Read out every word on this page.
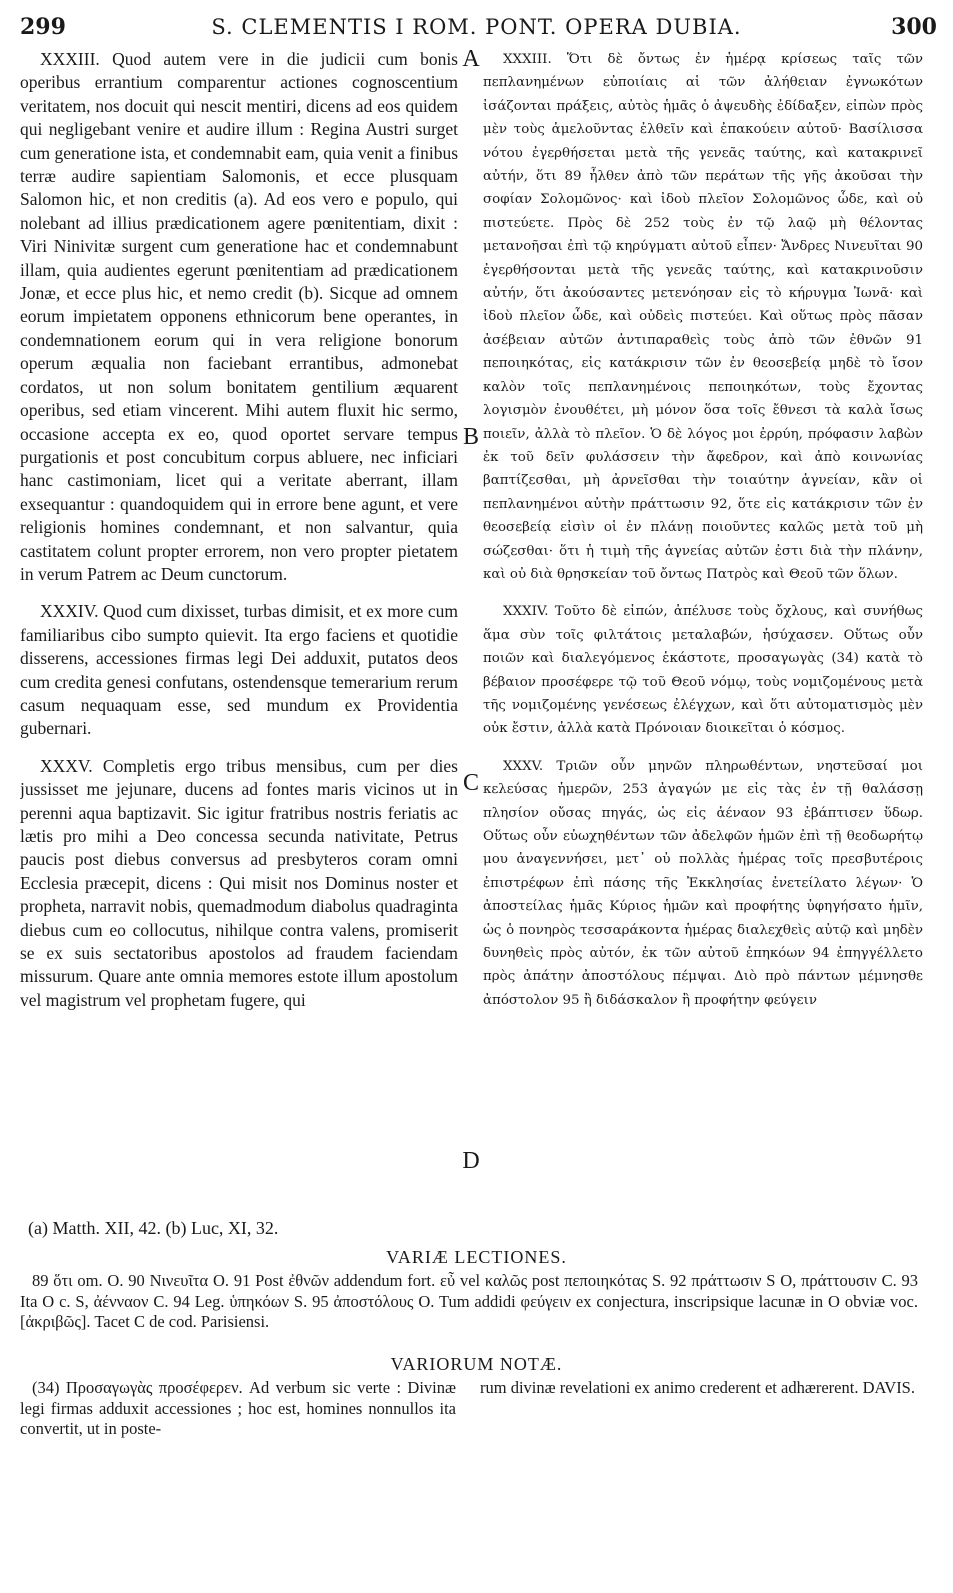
299	S. CLEMENTIS I ROM. PONT. OPERA DUBIA.	300

XXXIII. Quod autem vere in die judicii cum bonis operibus errantium comparentur actiones cognoscentium veritatem, nos docuit qui nescit mentiri, dicens ad eos quidem qui negligebant venire et audire illum : Regina Austri surget cum generatione ista, et condemnabit eam, quia venit a finibus terræ audire sapientiam Salomonis, et ecce plusquam Salomon hic, et non creditis (a). Ad eos vero e populo, qui nolebant ad illius prædicationem agere pœnitentiam, dixit : Viri Ninivitæ surgent cum generatione hac et condemnabunt illam, quia audientes egerunt pœnitentiam ad prædicationem Jonæ, et ecce plus hic, et nemo credit (b). Sicque ad omnem eorum impietatem opponens ethnicorum bene operantes, in condemnationem eorum qui in vera religione bonorum operum æqualia non faciebant errantibus, admonebat cordatos, ut non solum bonitatem gentilium æquarent operibus, sed etiam vincerent. Mihi autem fluxit hic sermo, occasione accepta ex eo, quod oportet servare tempus purgationis et post concubitum corpus abluere, nec inficiari hanc castimoniam, licet qui a veritate aberrant, illam exsequantur : quandoquidem qui in errore bene agunt, et vere religionis homines condemnant, et non salvantur, quia castitatem colunt propter errorem, non vero propter pietatem in verum Patrem ac Deum cunctorum.

XXXIV. Quod cum dixisset, turbas dimisit, et ex more cum familiaribus cibo sumpto quievit. Ita ergo faciens et quotidie disserens, accessiones firmas legi Dei adduxit, putatos deos cum credita genesi confutans, ostendensque temerarium rerum casum nequaquam esse, sed mundum ex Providentia gubernari.

XXXV. Completis ergo tribus mensibus, cum per dies jussisset me jejunare, ducens ad fontes maris vicinos ut in perenni aqua baptizavit. Sic igitur fratribus nostris feriatis ac lætis pro mihi a Deo concessa secunda nativitate, Petrus paucis post diebus conversus ad presbyteros coram omni Ecclesia præcepit, dicens : Qui misit nos Dominus noster et propheta, narravit nobis, quemadmodum diabolus quadraginta diebus cum eo collocutus, nihilque contra valens, promiserit se ex suis sectatoribus apostolos ad fraudem faciendam missurum. Quare ante omnia memores estote illum apostolum vel magistrum vel prophetam fugere, qui

A
B
C
D

XXXIII. Ὅτι δὲ ὄντως ἐν ἡμέρᾳ κρίσεως ταῖς τῶν πεπλανημένων εὐποιίαις αἱ τῶν ἀλήθειαν ἐγνωκότων ἰσάζονται πράξεις, αὐτὸς ἡμᾶς ὁ ἀψευδὴς ἐδίδαξεν, εἰπὼν πρὸς μὲν τοὺς ἀμελοῦντας ἐλθεῖν καὶ ἐπακούειν αὐτοῦ· Βασίλισσα νότου ἐγερθήσεται μετὰ τῆς γενεᾶς ταύτης, καὶ κατακρινεῖ αὐτήν, ὅτι 89 ἦλθεν ἀπὸ τῶν περάτων τῆς γῆς ἀκοῦσαι τὴν σοφίαν Σολομῶνος· καὶ ἰδοὺ πλεῖον Σολομῶνος ὧδε, καὶ οὐ πιστεύετε. Πρὸς δὲ 252 τοὺς ἐν τῷ λαῷ μὴ θέλοντας μετανοῆσαι ἐπὶ τῷ κηρύγματι αὐτοῦ εἶπεν· Ἄνδρες Νινευῖται 90 ἐγερθήσονται μετὰ τῆς γενεᾶς ταύτης, καὶ κατακρινοῦσιν αὐτήν, ὅτι ἀκούσαντες μετενόησαν εἰς τὸ κήρυγμα Ἰωνᾶ· καὶ ἰδοὺ πλεῖον ὧδε, καὶ οὐδεὶς πιστεύει. Καὶ οὕτως πρὸς πᾶσαν ἀσέβειαν αὐτῶν ἀντιπαραθεὶς τοὺς ἀπὸ τῶν ἐθνῶν 91 πεποιηκότας, εἰς κατάκρισιν τῶν ἐν θεοσεβείᾳ μηδὲ τὸ ἴσον καλὸν τοῖς πεπλανημένοις πεποιηκότων, τοὺς ἔχοντας λογισμὸν ἐνουθέτει, μὴ μόνον ὅσα τοῖς ἔθνεσι τὰ καλὰ ἴσως ποιεῖν, ἀλλὰ τὸ πλεῖον. Ὁ δὲ λόγος μοι ἐρρύη, πρόφασιν λαβὼν ἐκ τοῦ δεῖν φυλάσσειν τὴν ἄφεδρον, καὶ ἀπὸ κοινωνίας βαπτίζεσθαι, μὴ ἀρνεῖσθαι τὴν τοιαύτην ἁγνείαν, κἂν οἱ πεπλανημένοι αὐτὴν πράττωσιν 92, ὅτε εἰς κατάκρισιν τῶν ἐν θεοσεβείᾳ εἰσὶν οἱ ἐν πλάνῃ ποιοῦντες καλῶς μετὰ τοῦ μὴ σώζεσθαι· ὅτι ἡ τιμὴ τῆς ἁγνείας αὐτῶν ἐστι διὰ τὴν πλάνην, καὶ οὐ διὰ θρησκείαν τοῦ ὄντως Πατρὸς καὶ Θεοῦ τῶν ὅλων.

XXXIV. Τοῦτο δὲ εἰπών, ἀπέλυσε τοὺς ὄχλους, καὶ συνήθως ἅμα σὺν τοῖς φιλτάτοις μεταλαβών, ἡσύχασεν. Οὕτως οὖν ποιῶν καὶ διαλεγόμενος ἑκάστοτε, προσαγωγὰς (34) κατὰ τὸ βέβαιον προσέφερε τῷ τοῦ Θεοῦ νόμῳ, τοὺς νομιζομένους μετὰ τῆς νομιζομένης γενέσεως ἐλέγχων, καὶ ὅτι αὐτοματισμὸς μὲν οὐκ ἔστιν, ἀλλὰ κατὰ Πρόνοιαν διοικεῖται ὁ κόσμος.

XXXV. Τριῶν οὖν μηνῶν πληρωθέντων, νηστεῦσαί μοι κελεύσας ἡμερῶν, 253 ἀγαγών με εἰς τὰς ἐν τῇ θαλάσσῃ πλησίον οὔσας πηγάς, ὡς εἰς ἀέναον 93 ἐβάπτισεν ὕδωρ. Οὕτως οὖν εὐωχηθέντων τῶν ἀδελφῶν ἡμῶν ἐπὶ τῇ θεοδωρήτῳ μου ἀναγεννήσει, μετ᾽ οὐ πολλὰς ἡμέρας τοῖς πρεσβυτέροις ἐπιστρέφων ἐπὶ πάσης τῆς Ἐκκλησίας ἐνετείλατο λέγων· Ὁ ἀποστείλας ἡμᾶς Κύριος ἡμῶν καὶ προφήτης ὑφηγήσατο ἡμῖν, ὡς ὁ πονηρὸς τεσσαράκοντα ἡμέρας διαλεχθεὶς αὐτῷ καὶ μηδὲν δυνηθεὶς πρὸς αὐτόν, ἐκ τῶν αὐτοῦ ἐπηκόων 94 ἐπηγγέλλετο πρὸς ἀπάτην ἀποστόλους πέμψαι. Διὸ πρὸ πάντων μέμνησθε ἀπόστολον 95 ἢ διδάσκαλον ἢ προφήτην φεύγειν

(a) Matth. XII, 42. (b) Luc, XI, 32.
VARIÆ LECTIONES.

89 ὅτι om. O. 90 Νινευῖτα O. 91 Post ἐθνῶν addendum fort. εὖ vel καλῶς post πεποιηκότας S. 92 πράττωσιν S O, πράττουσιν C. 93 Ita O c. S, ἀένναον C. 94 Leg. ὑπηκόων S. 95 ἀποστόλους O. Tum addidi φεύγειν ex conjectura, inscripsique lacunæ in O obviæ voc. [ἀκριβῶς]. Tacet C de cod. Parisiensi.

VARIORUM NOTÆ.

(34) Προσαγωγὰς προσέφερεν. Ad verbum sic verte : Divinæ legi firmas adduxit accessiones ; hoc est, homines nonnullos ita convertit, ut in poste-

rum divinæ revelationi ex animo crederent et adhærerent. DAVIS.
